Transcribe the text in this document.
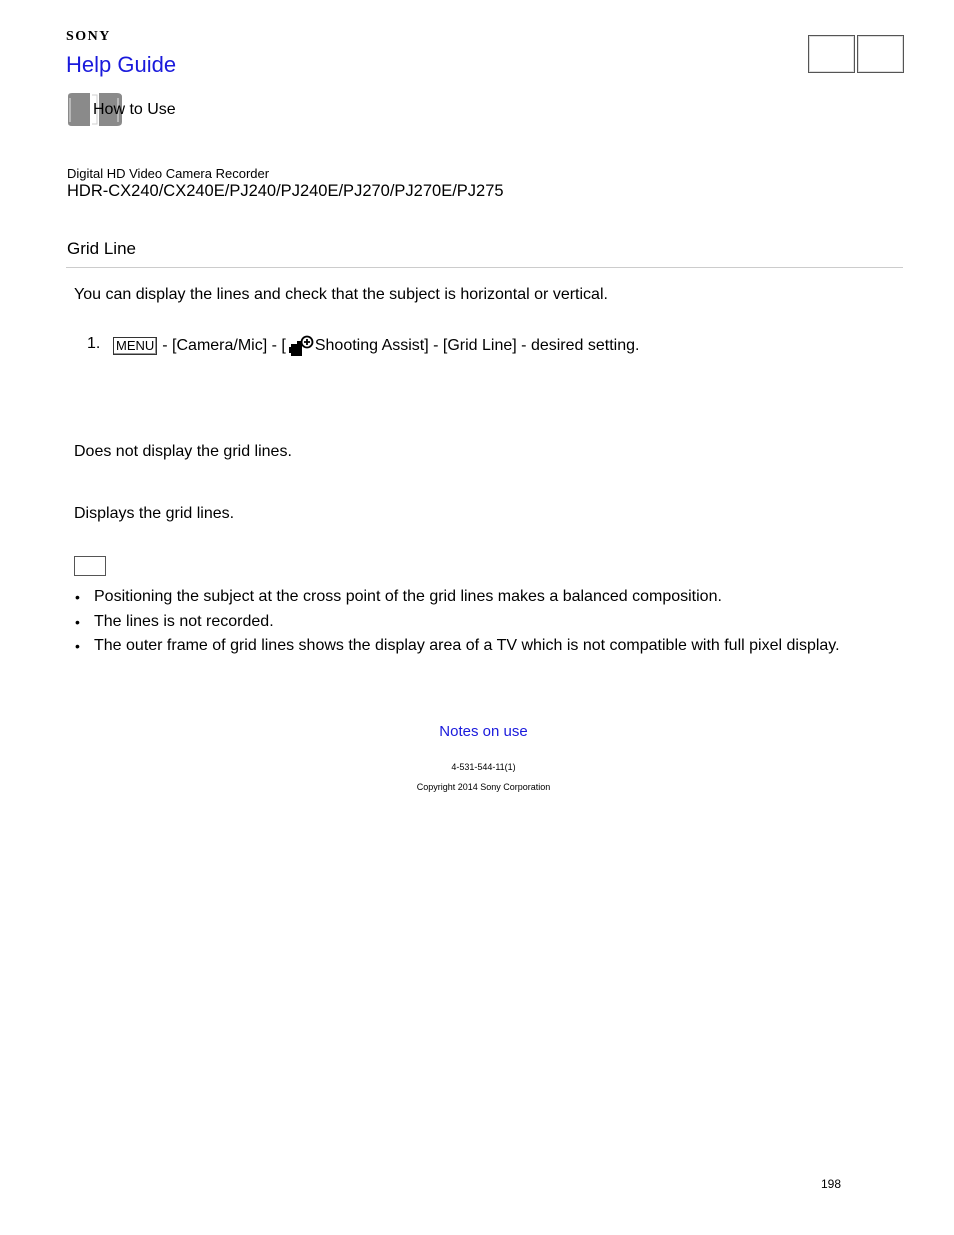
SONY
Help Guide
How to Use
Digital HD Video Camera Recorder
HDR-CX240/CX240E/PJ240/PJ240E/PJ270/PJ270E/PJ275
Grid Line
You can display the lines and check that the subject is horizontal or vertical.
1. MENU - [Camera/Mic] - [ Shooting Assist] - [Grid Line] - desired setting.
Does not display the grid lines.
Displays the grid lines.
• Positioning the subject at the cross point of the grid lines makes a balanced composition.
• The lines is not recorded.
• The outer frame of grid lines shows the display area of a TV which is not compatible with full pixel display.
Notes on use
4-531-544-11(1)
Copyright 2014 Sony Corporation
198
